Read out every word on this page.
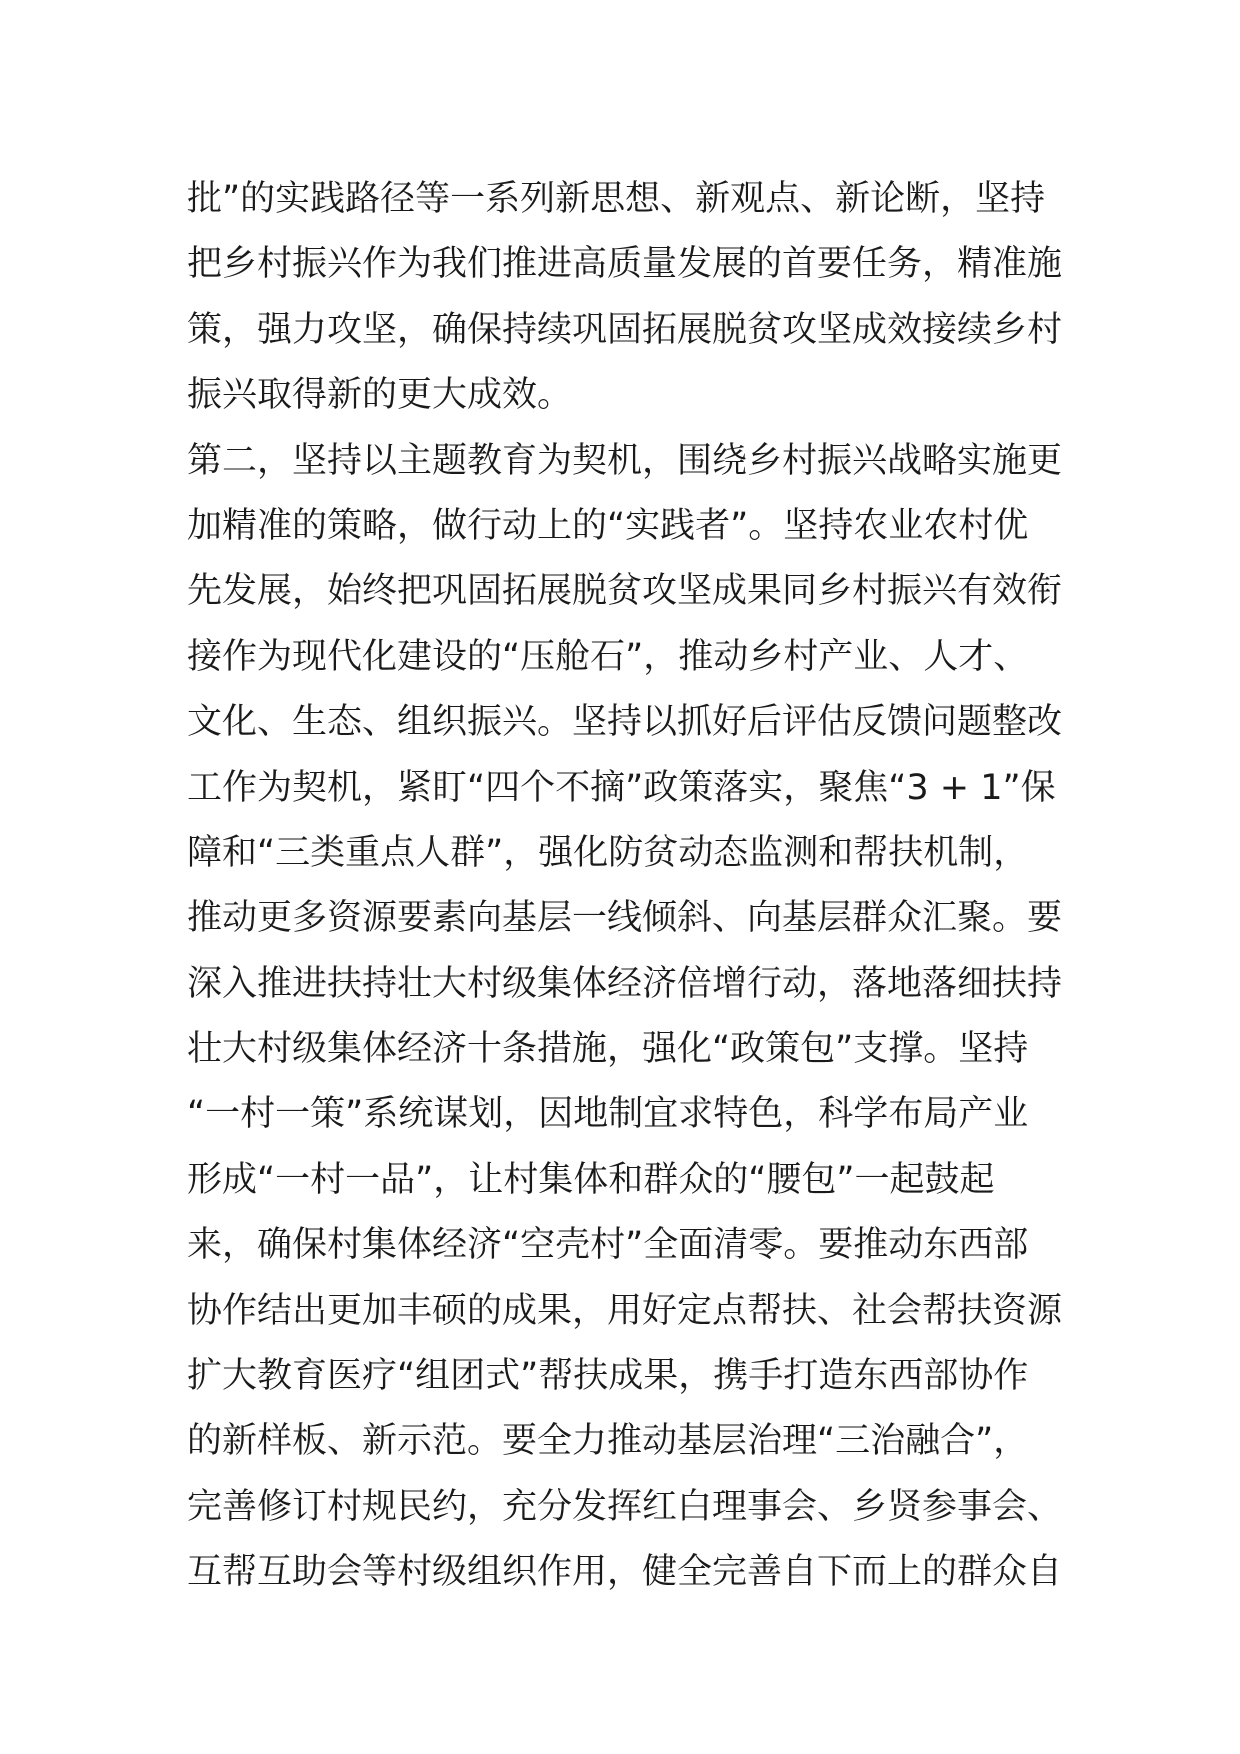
批”的实践路径等一系列新思想、新观点、新论断，坚持
把乡村振兴作为我们推进高质量发展的首要任务，精准施
策，强力攻坚，确保持续巩固拓展脱贫攻坚成效接续乡村
振兴取得新的更大成效。
第二，坚持以主题教育为契机，围绕乡村振兴战略实施更
加精准的策略，做行动上的“实践者”。坚持农业农村优
先发展，始终把巩固拓展脱贫攻坚成果同乡村振兴有效衔
接作为现代化建设的“压舱石”，推动乡村产业、人才、
文化、生态、组织振兴。坚持以抓好后评估反馈问题整改
工作为契机，紧盯“四个不摘”政策落实，聚焦“3 + 1”保
障和“三类重点人群”，强化防贫动态监测和帮扶机制，
推动更多资源要素向基层一线倾斜、向基层群众汇聚。要
深入推进扶持壮大村级集体经济倍增行动，落地落细扶持
壮大村级集体经济十条措施，强化“政策包”支撑。坚持
“一村一策”系统谋划，因地制宜求特色，科学布局产业
形成“一村一品”，让村集体和群众的“腰包”一起鼓起
来，确保村集体经济“空壳村”全面清零。要推动东西部
协作结出更加丰硕的成果，用好定点帮扶、社会帮扶资源
扩大教育医疗“组团式”帮扶成果，携手打造东西部协作
的新样板、新示范。要全力推动基层治理“三治融合”，
完善修订村规民约，充分发挥红白理事会、乡贤参事会、
互帮互助会等村级组织作用，健全完善自下而上的群众自
